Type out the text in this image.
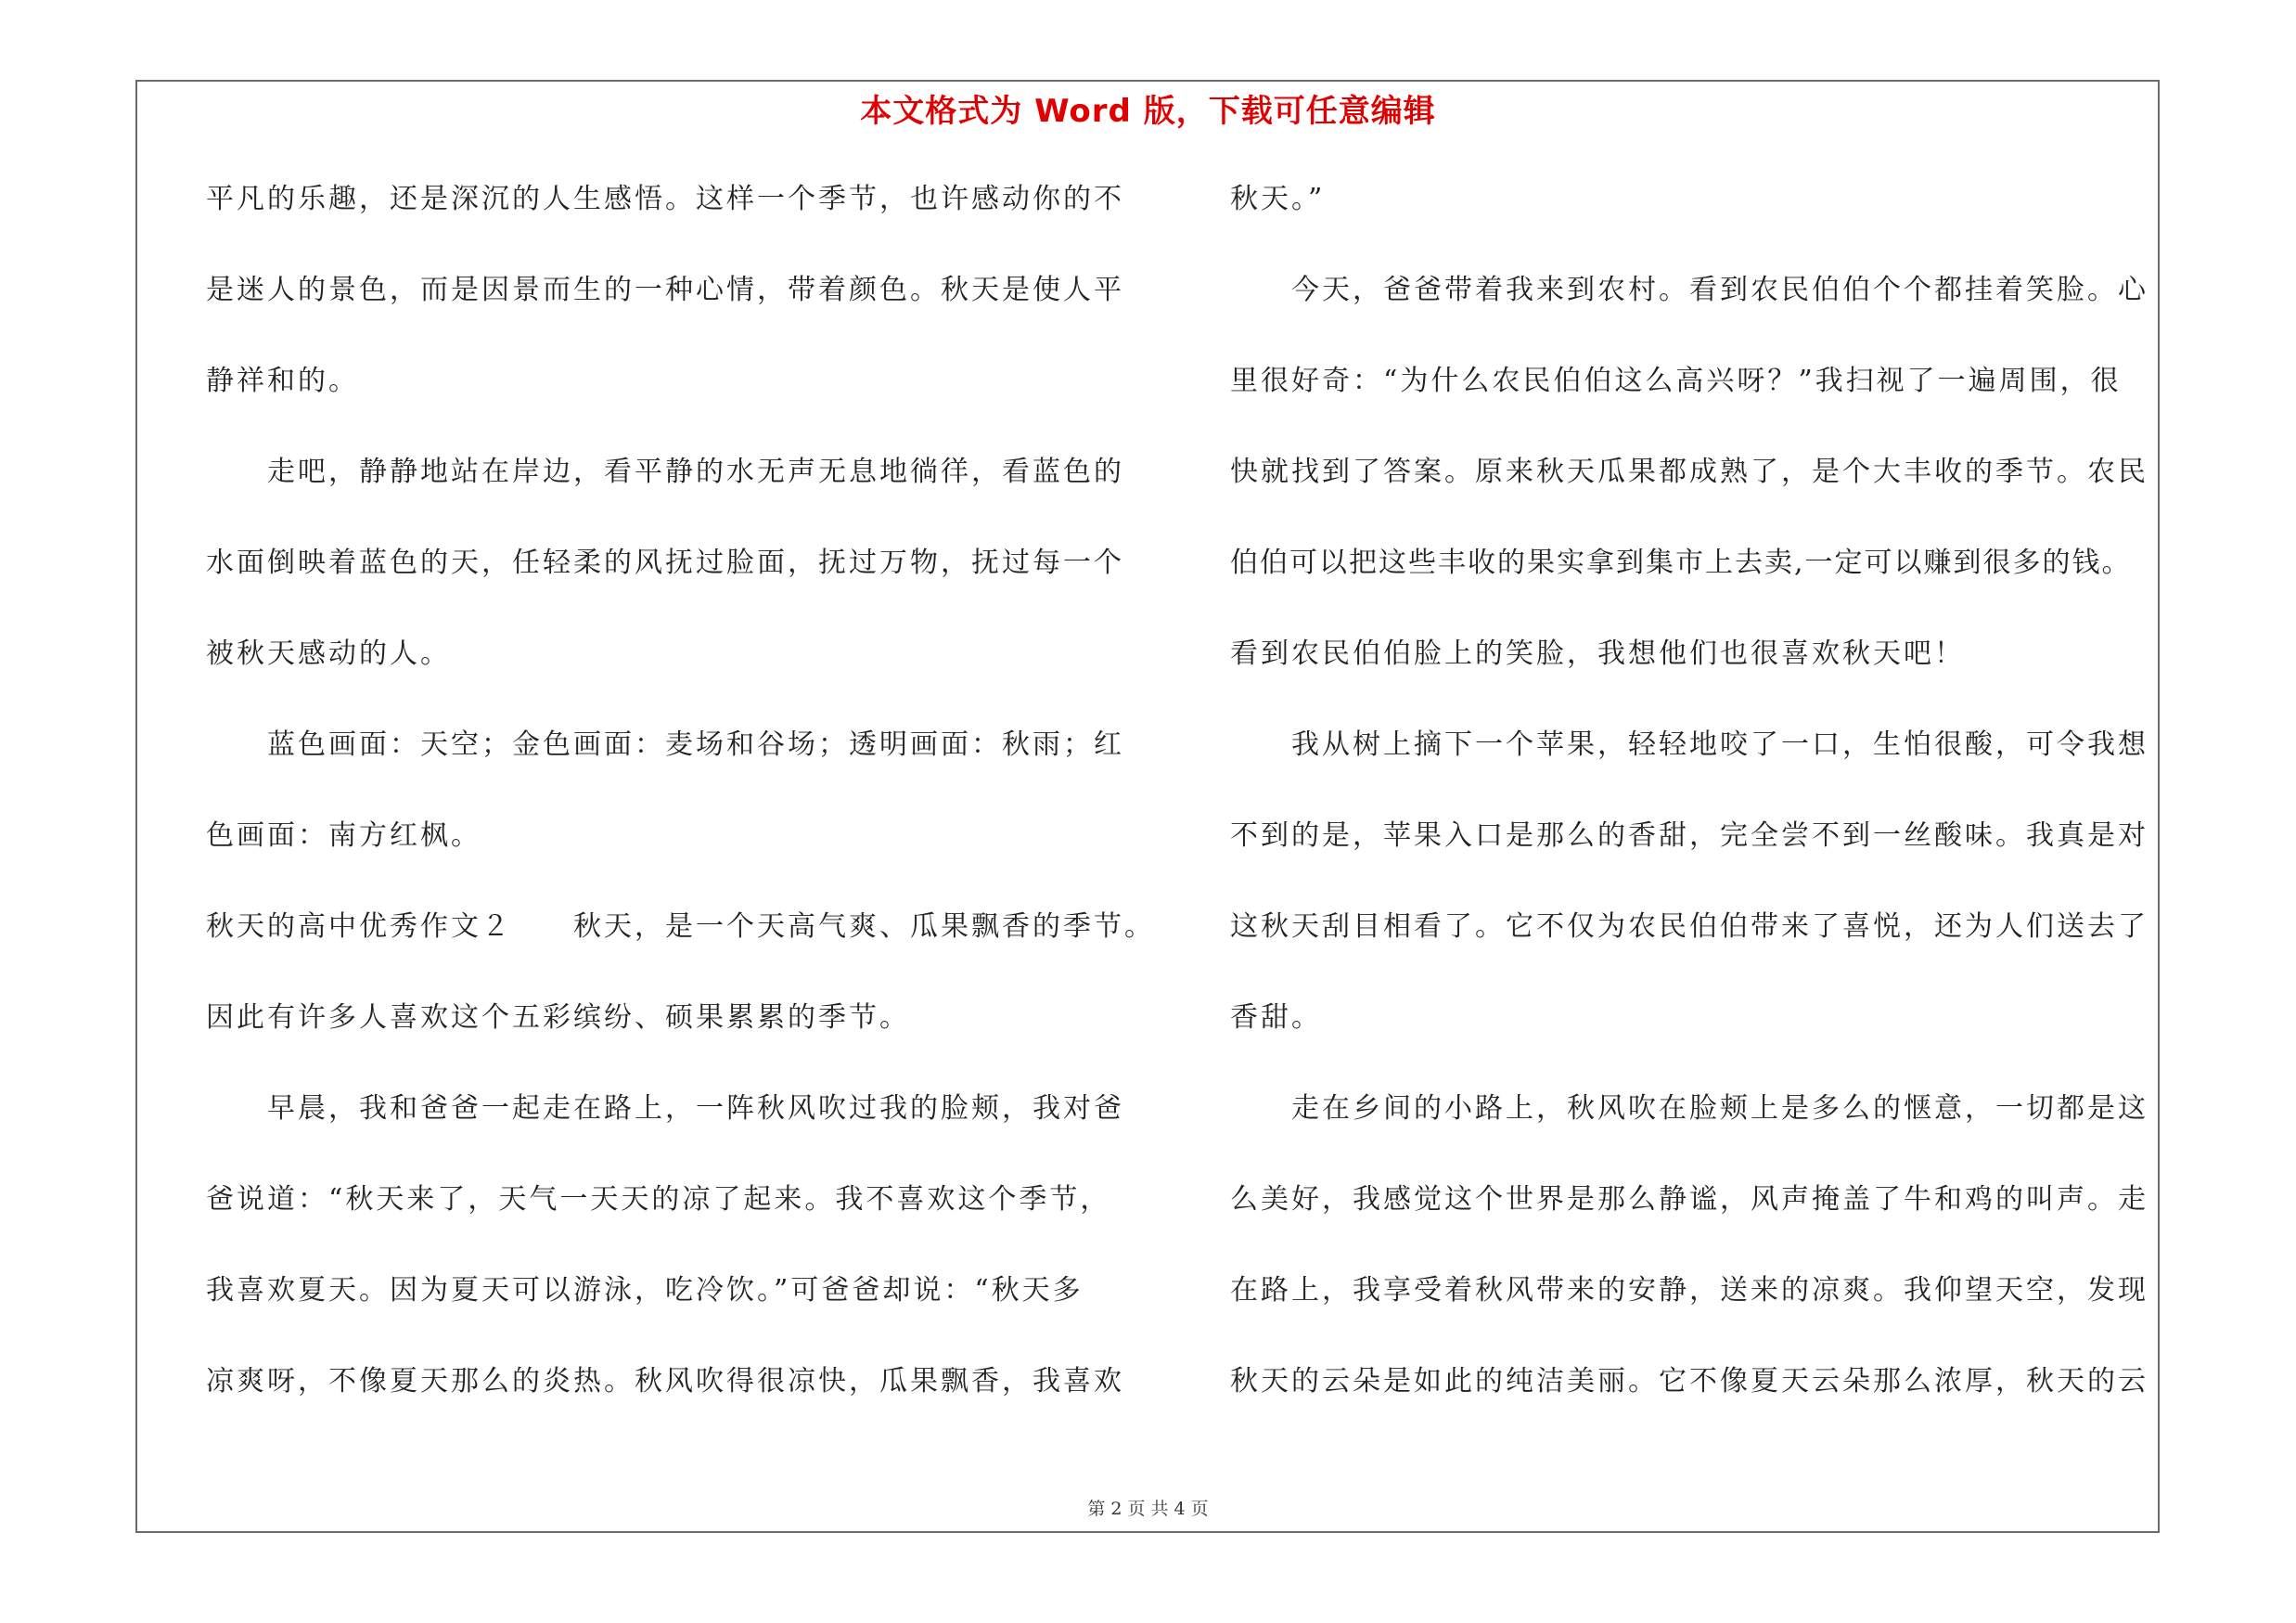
本文格式为 Word 版，下载可任意编辑
平凡的乐趣，还是深沉的人生感悟。这样一个季节，也许感动你的不
是迷人的景色，而是因景而生的一种心情，带着颜色。秋天是使人平
静祥和的。
走吧，静静地站在岸边，看平静的水无声无息地徜徉，看蓝色的
水面倒映着蓝色的天，任轻柔的风抚过脸面，抚过万物，抚过每一个
被秋天感动的人。
蓝色画面：天空；金色画面：麦场和谷场；透明画面：秋雨；红
色画面：南方红枫。
秋天的高中优秀作文２　　秋天，是一个天高气爽、瓜果飘香的季节。
因此有许多人喜欢这个五彩缤纷、硕果累累的季节。
早晨，我和爸爸一起走在路上，一阵秋风吹过我的脸颊，我对爸
爸说道：“秋天来了，天气一天天的凉了起来。我不喜欢这个季节，
我喜欢夏天。因为夏天可以游泳，吃冷饮。”可爸爸却说：“秋天多
凉爽呀，不像夏天那么的炎热。秋风吹得很凉快，瓜果飘香，我喜欢
秋天。”
今天，爸爸带着我来到农村。看到农民伯伯个个都挂着笑脸。心
里很好奇：“为什么农民伯伯这么高兴呀？”我扫视了一遍周围，很
快就找到了答案。原来秋天瓜果都成熟了，是个大丰收的季节。农民
伯伯可以把这些丰收的果实拿到集市上去卖,一定可以赚到很多的钱。
看到农民伯伯脸上的笑脸，我想他们也很喜欢秋天吧！
我从树上摘下一个苹果，轻轻地咬了一口，生怕很酸，可令我想
不到的是，苹果入口是那么的香甜，完全尝不到一丝酸味。我真是对
这秋天刮目相看了。它不仅为农民伯伯带来了喜悦，还为人们送去了
香甜。
走在乡间的小路上，秋风吹在脸颊上是多么的惬意，一切都是这
么美好，我感觉这个世界是那么静谧，风声掩盖了牛和鸡的叫声。走
在路上，我享受着秋风带来的安静，送来的凉爽。我仰望天空，发现
秋天的云朵是如此的纯洁美丽。它不像夏天云朵那么浓厚，秋天的云
第 2 页 共 4 页
